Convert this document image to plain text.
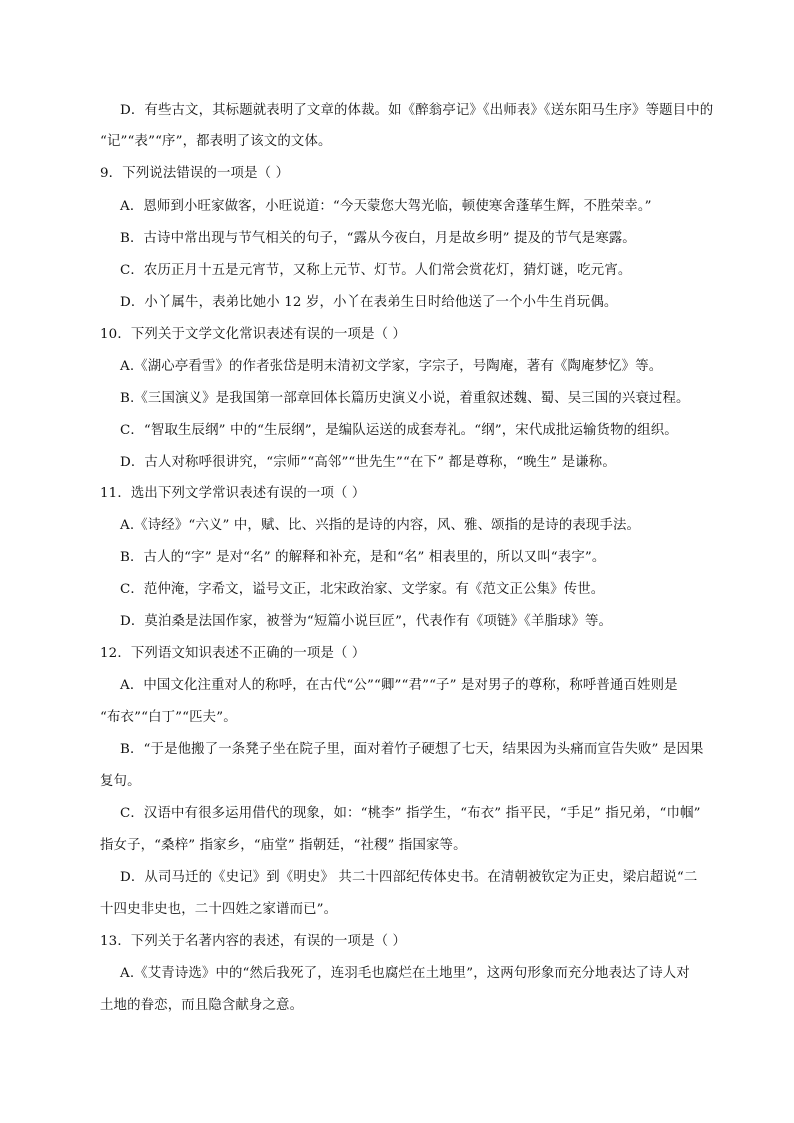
D．有些古文，其标题就表明了文章的体裁。如《醉翁亭记》《出师表》《送东阳马生序》等题目中的
“记”“表”“序”，都表明了该文的文体。
9．下列说法错误的一项是（ ）
A．恩师到小旺家做客，小旺说道：“今天蒙您大驾光临，顿使寒舍蓬荜生辉，不胜荣幸。”
B．古诗中常出现与节气相关的句子，“露从今夜白，月是故乡明” 提及的节气是寒露。
C．农历正月十五是元宵节，又称上元节、灯节。人们常会赏花灯，猜灯谜，吃元宵。
D．小丫属牛，表弟比她小 12 岁，小丫在表弟生日时给他送了一个小牛生肖玩偶。
10．下列关于文学文化常识表述有误的一项是（ ）
A.《湖心亭看雪》的作者张岱是明末清初文学家，字宗子，号陶庵，著有《陶庵梦忆》等。
B.《三国演义》是我国第一部章回体长篇历史演义小说，着重叙述魏、蜀、吴三国的兴衰过程。
C．“智取生辰纲” 中的“生辰纲”，是编队运送的成套寿礼。“纲”，宋代成批运输货物的组织。
D．古人对称呼很讲究，“宗师”“高邻”“世先生”“在下” 都是尊称，“晚生” 是谦称。
11．选出下列文学常识表述有误的一项（ ）
A.《诗经》“六义” 中，赋、比、兴指的是诗的内容，风、雅、颂指的是诗的表现手法。
B．古人的“字” 是对“名” 的解释和补充，是和“名” 相表里的，所以又叫“表字”。
C．范仲淹，字希文，谥号文正，北宋政治家、文学家。有《范文正公集》传世。
D．莫泊桑是法国作家，被誉为“短篇小说巨匠”，代表作有《项链》《羊脂球》等。
12．下列语文知识表述不正确的一项是（ ）
A．中国文化注重对人的称呼，在古代“公”“卿”“君”“子” 是对男子的尊称，称呼普通百姓则是
“布衣”“白丁”“匹夫”。
B．“于是他搬了一条凳子坐在院子里，面对着竹子硬想了七天，结果因为头痛而宣告失败” 是因果
复句。
C．汉语中有很多运用借代的现象，如：“桃李” 指学生，“布衣” 指平民，“手足” 指兄弟，“巾帼”
指女子，“桑梓” 指家乡，“庙堂” 指朝廷，“社稷” 指国家等。
D．从司马迁的《史记》到《明史》 共二十四部纪传体史书。在清朝被钦定为正史，梁启超说“二
十四史非史也，二十四姓之家谱而已”。
13．下列关于名著内容的表述，有误的一项是（ ）
A.《艾青诗选》中的“然后我死了，连羽毛也腐烂在土地里”，这两句形象而充分地表达了诗人对
土地的眷恋，而且隐含献身之意。
